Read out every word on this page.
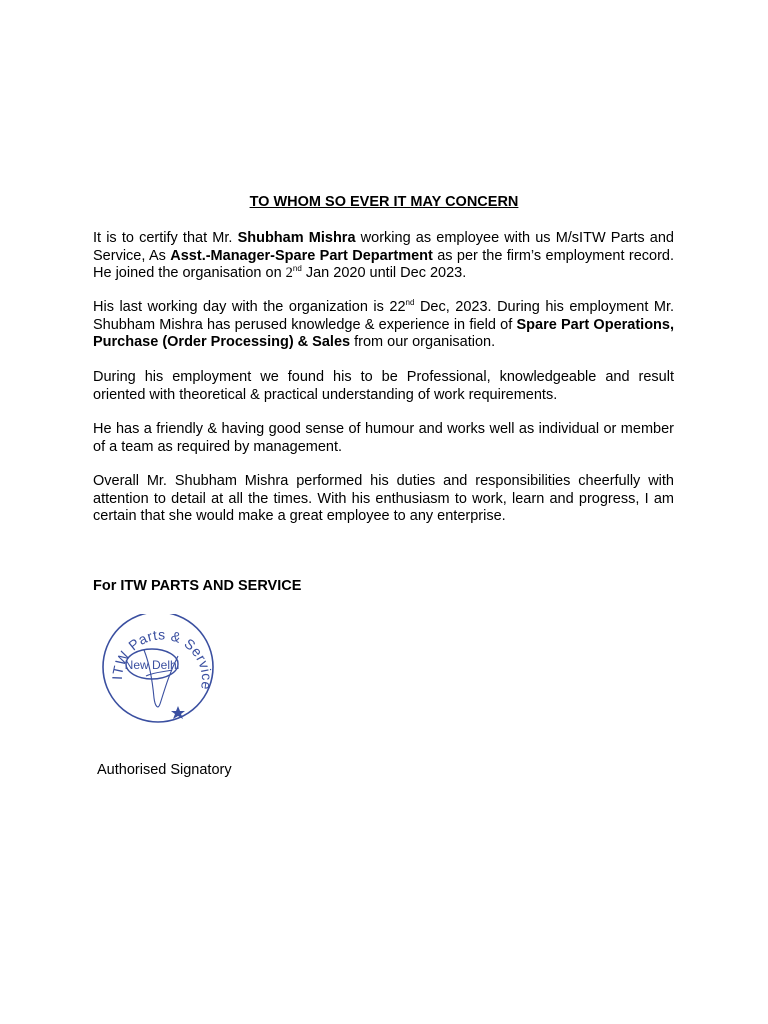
TO WHOM SO EVER IT MAY CONCERN

It is to certify that Mr. Shubham Mishra working as employee with us M/sITW Parts and Service, As Asst.-Manager-Spare Part Department as per the firm’s employment record. He joined the organisation on 2nd Jan 2020 until Dec 2023.

His last working day with the organization is 22nd Dec, 2023. During his employment Mr. Shubham Mishra has perused knowledge & experience in field of Spare Part Operations, Purchase (Order Processing) & Sales from our organisation.

During his employment we found his to be Professional, knowledgeable and result oriented with theoretical & practical understanding of work requirements.

He has a friendly & having good sense of humour and works well as individual or member of a team as required by management.

Overall Mr. Shubham Mishra performed his duties and responsibilities cheerfully with attention to detail at all the times. With his enthusiasm to work, learn and progress, I am certain that she would make a great employee to any enterprise.

For ITW PARTS AND SERVICE
ITW Parts & Service
New Delhi
Authorised Signatory
